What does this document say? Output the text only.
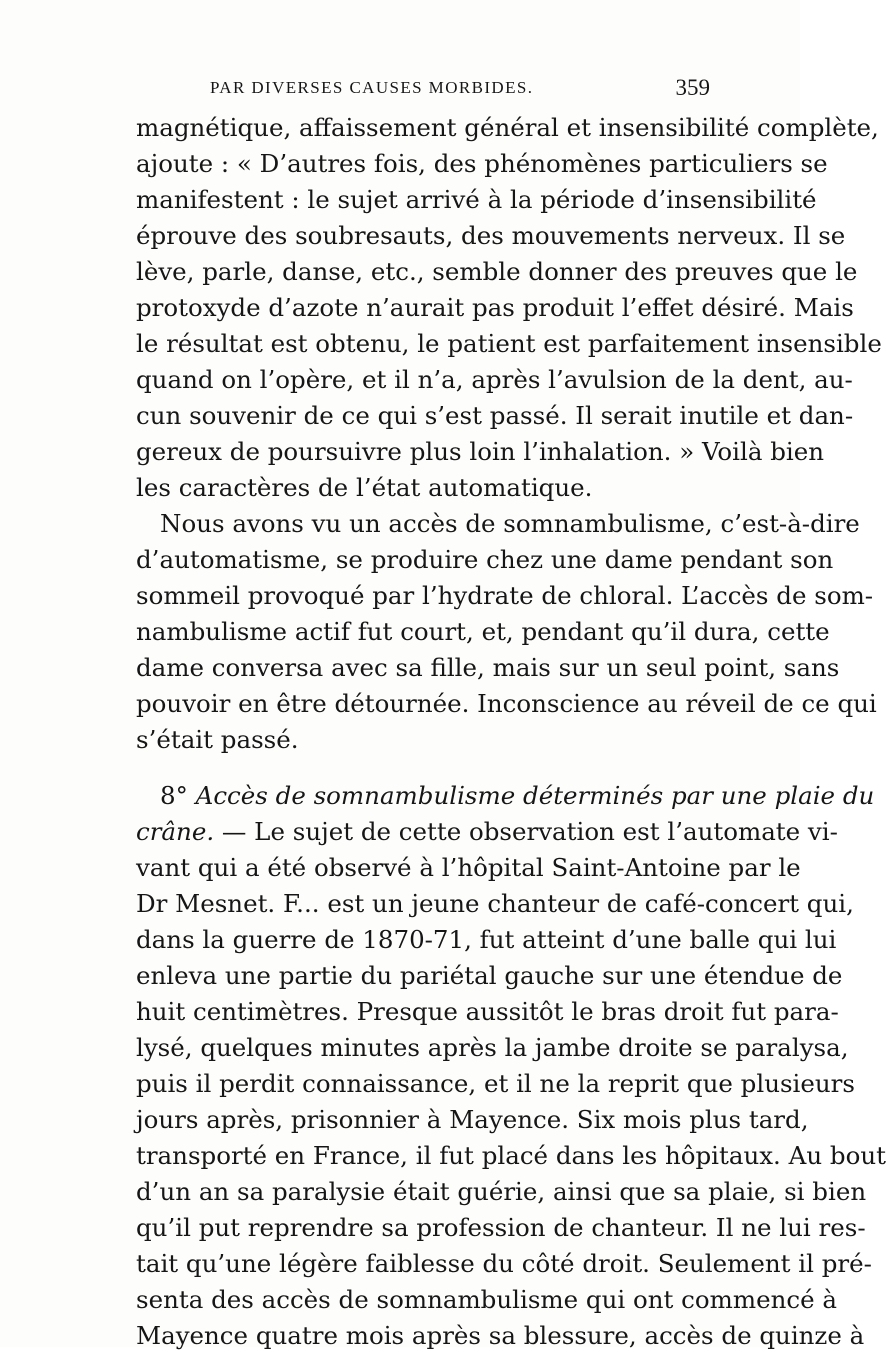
PAR DIVERSES CAUSES MORBIDES.	359
magnétique, affaissement général et insensibilité complète,
ajoute : « D’autres fois, des phénomènes particuliers se
manifestent : le sujet arrivé à la période d’insensibilité
éprouve des soubresauts, des mouvements nerveux. Il se
lève, parle, danse, etc., semble donner des preuves que le
protoxyde d’azote n’aurait pas produit l’effet désiré. Mais
le résultat est obtenu, le patient est parfaitement insensible
quand on l’opère, et il n’a, après l’avulsion de la dent, au-
cun souvenir de ce qui s’est passé. Il serait inutile et dan-
gereux de poursuivre plus loin l’inhalation. » Voilà bien
les caractères de l’état automatique.
Nous avons vu un accès de somnambulisme, c’est-à-dire
d’automatisme, se produire chez une dame pendant son
sommeil provoqué par l’hydrate de chloral. L’accès de som-
nambulisme actif fut court, et, pendant qu’il dura, cette
dame conversa avec sa fille, mais sur un seul point, sans
pouvoir en être détournée. Inconscience au réveil de ce qui
s’était passé.
8° Accès de somnambulisme déterminés par une plaie du
crâne. — Le sujet de cette observation est l’automate vi-
vant qui a été observé à l’hôpital Saint-Antoine par le
Dr Mesnet. F... est un jeune chanteur de café-concert qui,
dans la guerre de 1870-71, fut atteint d’une balle qui lui
enleva une partie du pariétal gauche sur une étendue de
huit centimètres. Presque aussitôt le bras droit fut para-
lysé, quelques minutes après la jambe droite se paralysa,
puis il perdit connaissance, et il ne la reprit que plusieurs
jours après, prisonnier à Mayence. Six mois plus tard,
transporté en France, il fut placé dans les hôpitaux. Au bout
d’un an sa paralysie était guérie, ainsi que sa plaie, si bien
qu’il put reprendre sa profession de chanteur. Il ne lui res-
tait qu’une légère faiblesse du côté droit. Seulement il pré-
senta des accès de somnambulisme qui ont commencé à
Mayence quatre mois après sa blessure, accès de quinze à
